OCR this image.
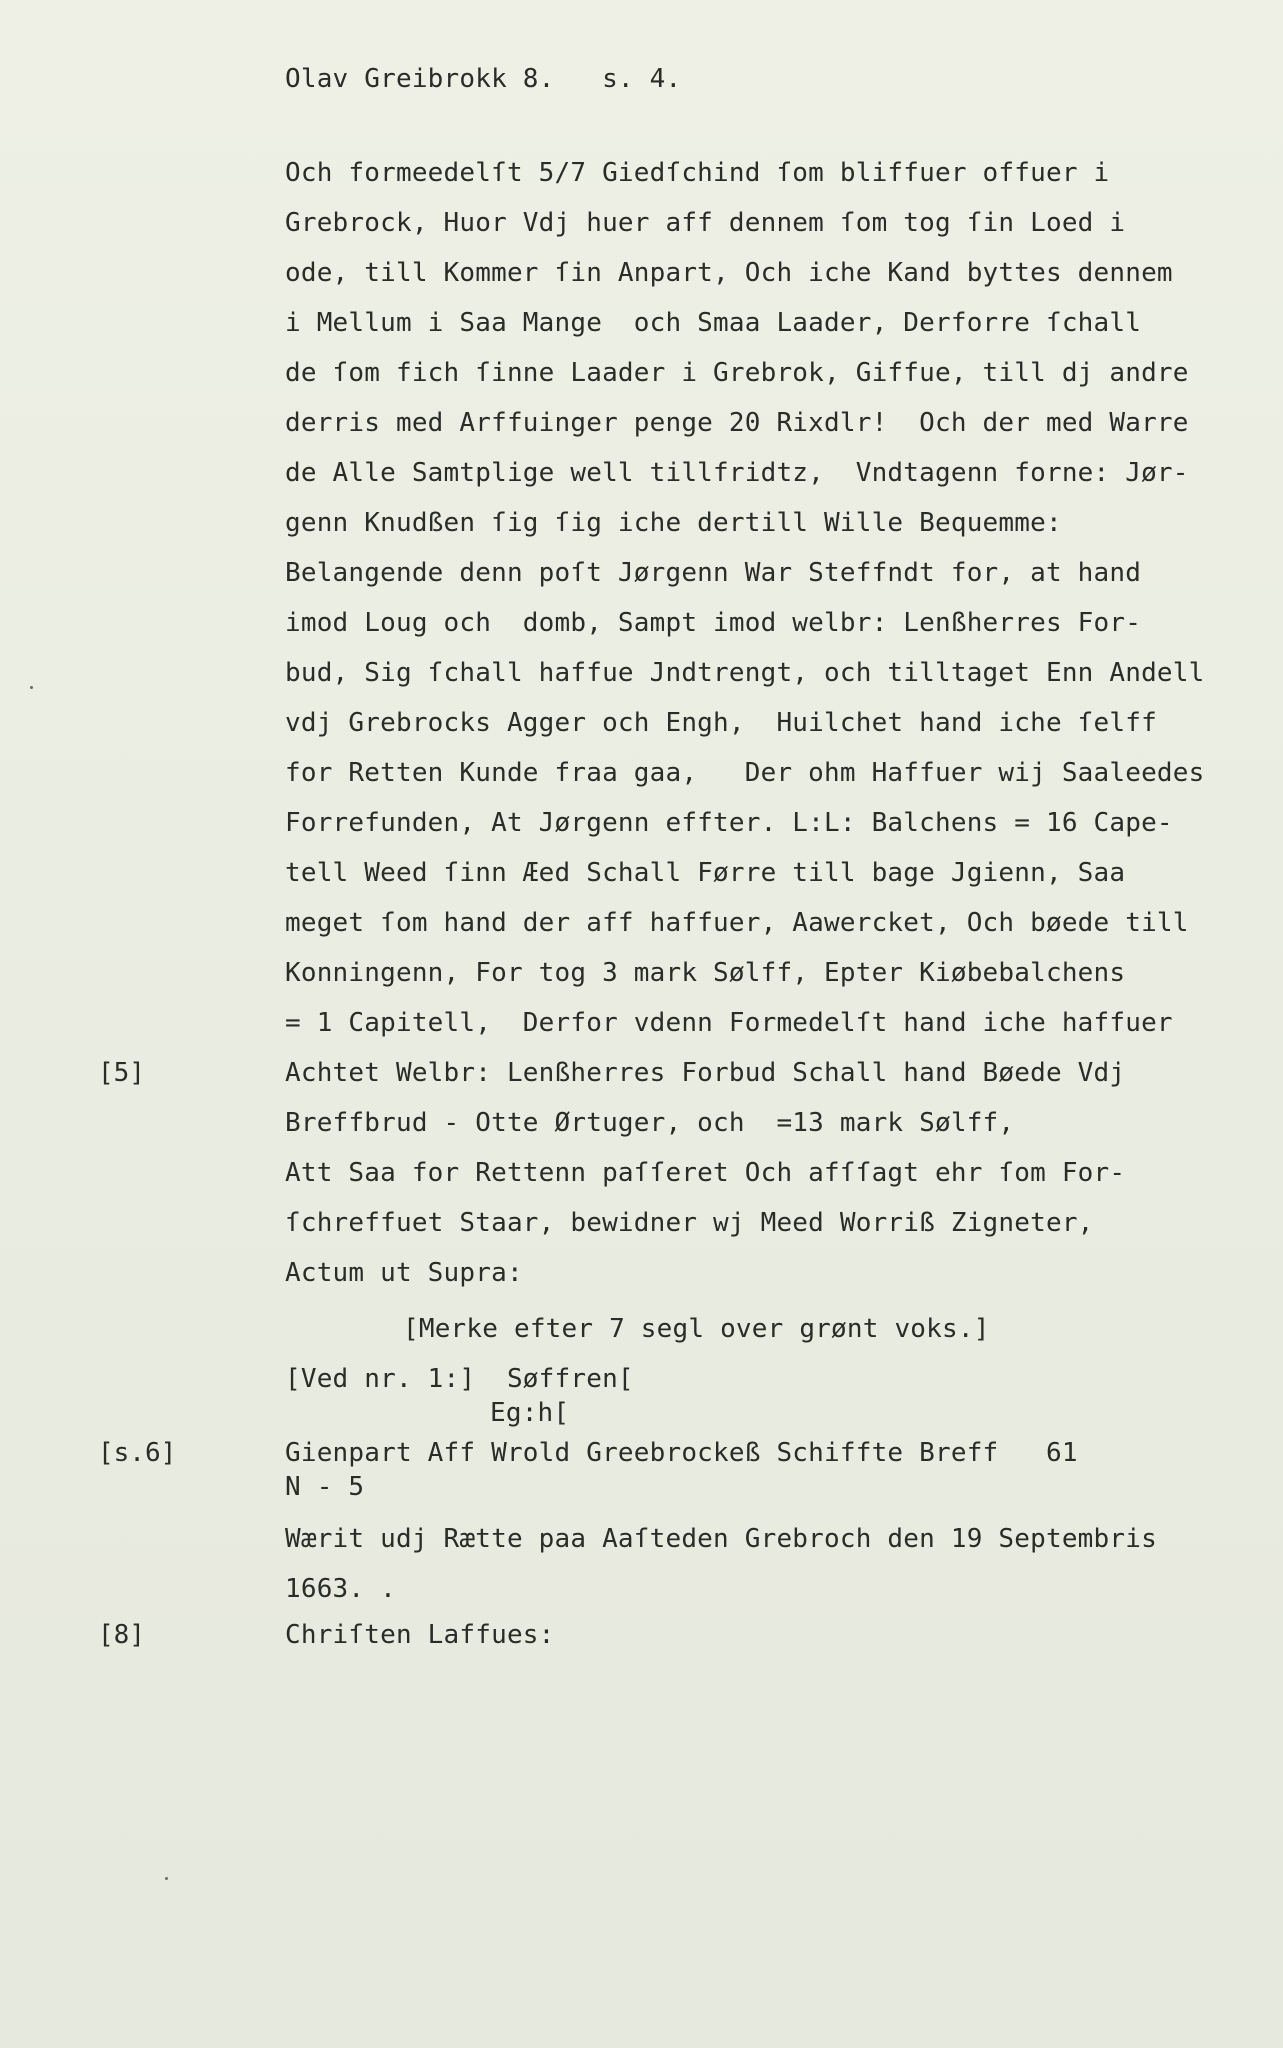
Olav Greibrokk 8.   s. 4.
Och formeedelſt 5/7 Giedſchind ſom bliffuer offuer i
Grebrock, Huor Vdj huer aff dennem ſom tog ſin Loed i
ode, till Kommer ſin Anpart, Och iche Kand byttes dennem
i Mellum i Saa Mange  och Smaa Laader, Derforre ſchall
de ſom fich ſinne Laader i Grebrok, Giffue, till dj andre
derris med Arffuinger penge 20 Rixdlr!  Och der med Warre
de Alle Samtplige well tillfridtz,  Vndtagenn forne: Jør-
genn Knudßen ſig ſig iche dertill Wille Bequemme:
Belangende denn poſt Jørgenn War Steffndt for, at hand
imod Loug och  domb, Sampt imod welbr: Lenßherres For-
bud, Sig ſchall haffue Jndtrengt, och tilltaget Enn Andell
vdj Grebrocks Agger och Engh,  Huilchet hand iche ſelff
for Retten Kunde fraa gaa,   Der ohm Haffuer wij Saaleedes
Forrefunden, At Jørgenn effter. L:L: Balchens = 16 Cape-
tell Weed ſinn Æed Schall Førre till bage Jgienn, Saa
meget ſom hand der aff haffuer, Aawercket, Och bøede till
Konningenn, For tog 3 mark Sølff, Epter Kiøbebalchens
= 1 Capitell,  Derfor vdenn Formedelſt hand iche haffuer
[5]	Achtet Welbr: Lenßherres Forbud Schall hand Bøede Vdj
Breffbrud - Otte Ørtuger, och  =13 mark Sølff,
Att Saa for Rettenn paſſeret Och afſſagt ehr ſom For-
ſchreffuet Staar, bewidner wj Meed Worriß Zigneter,
Actum ut Supra:
[Merke efter 7 segl over grønt voks.]
[Ved nr. 1:]  Søffren[
Eg:h[
[s.6]	Gienpart Aff Wrold Greebrockeß Schiffte Breff   61
N - 5
Wærit udj Rætte paa Aaſteden Grebroch den 19 Septembris
1663. .
[8]	Chriſten Laffues:
